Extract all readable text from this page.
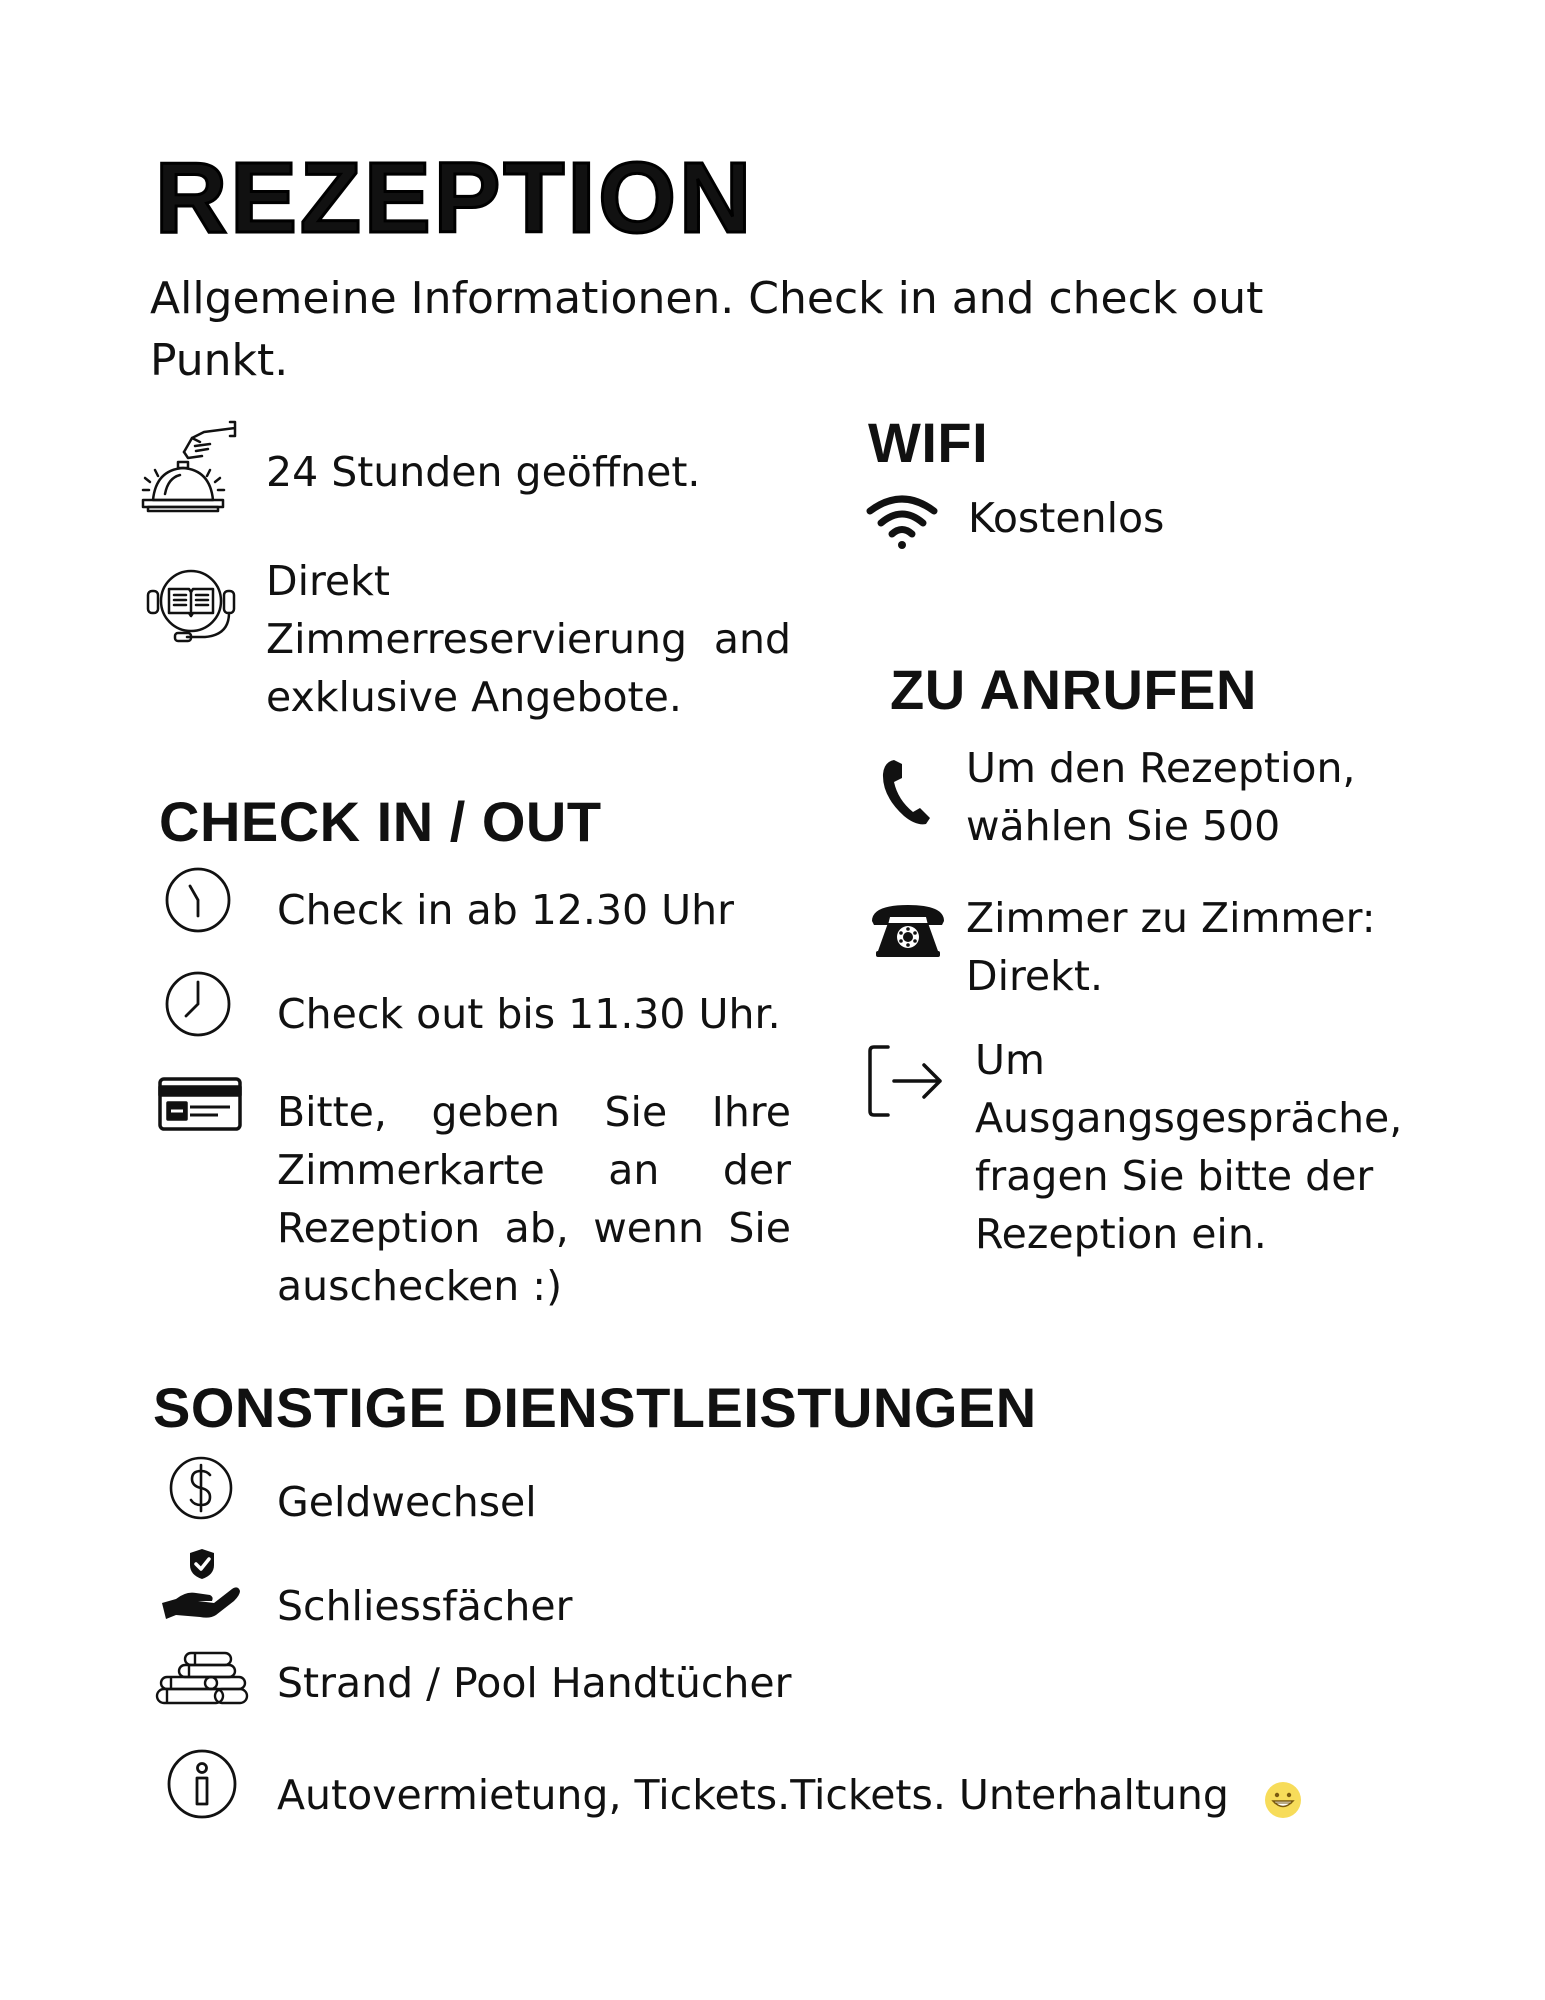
REZEPTION
Allgemeine Informationen. Check in and check out Punkt.
24 Stunden geöffnet.
Direkt Zimmerreservierung and exklusive Angebote.
WIFI
Kostenlos
CHECK IN / OUT
Check in ab 12.30 Uhr
Check out bis 11.30 Uhr.
Bitte, geben Sie Ihre Zimmerkarte an der Rezeption ab, wenn Sie auschecken :)
ZU ANRUFEN
Um den Rezeption, wählen Sie 500
Zimmer zu Zimmer: Direkt.
Um Ausgangsgespräche, fragen Sie bitte der Rezeption ein.
SONSTIGE DIENSTLEISTUNGEN
Geldwechsel
Schliessfächer
Strand / Pool Handtücher
Autovermietung, Tickets.Tickets. Unterhaltung
